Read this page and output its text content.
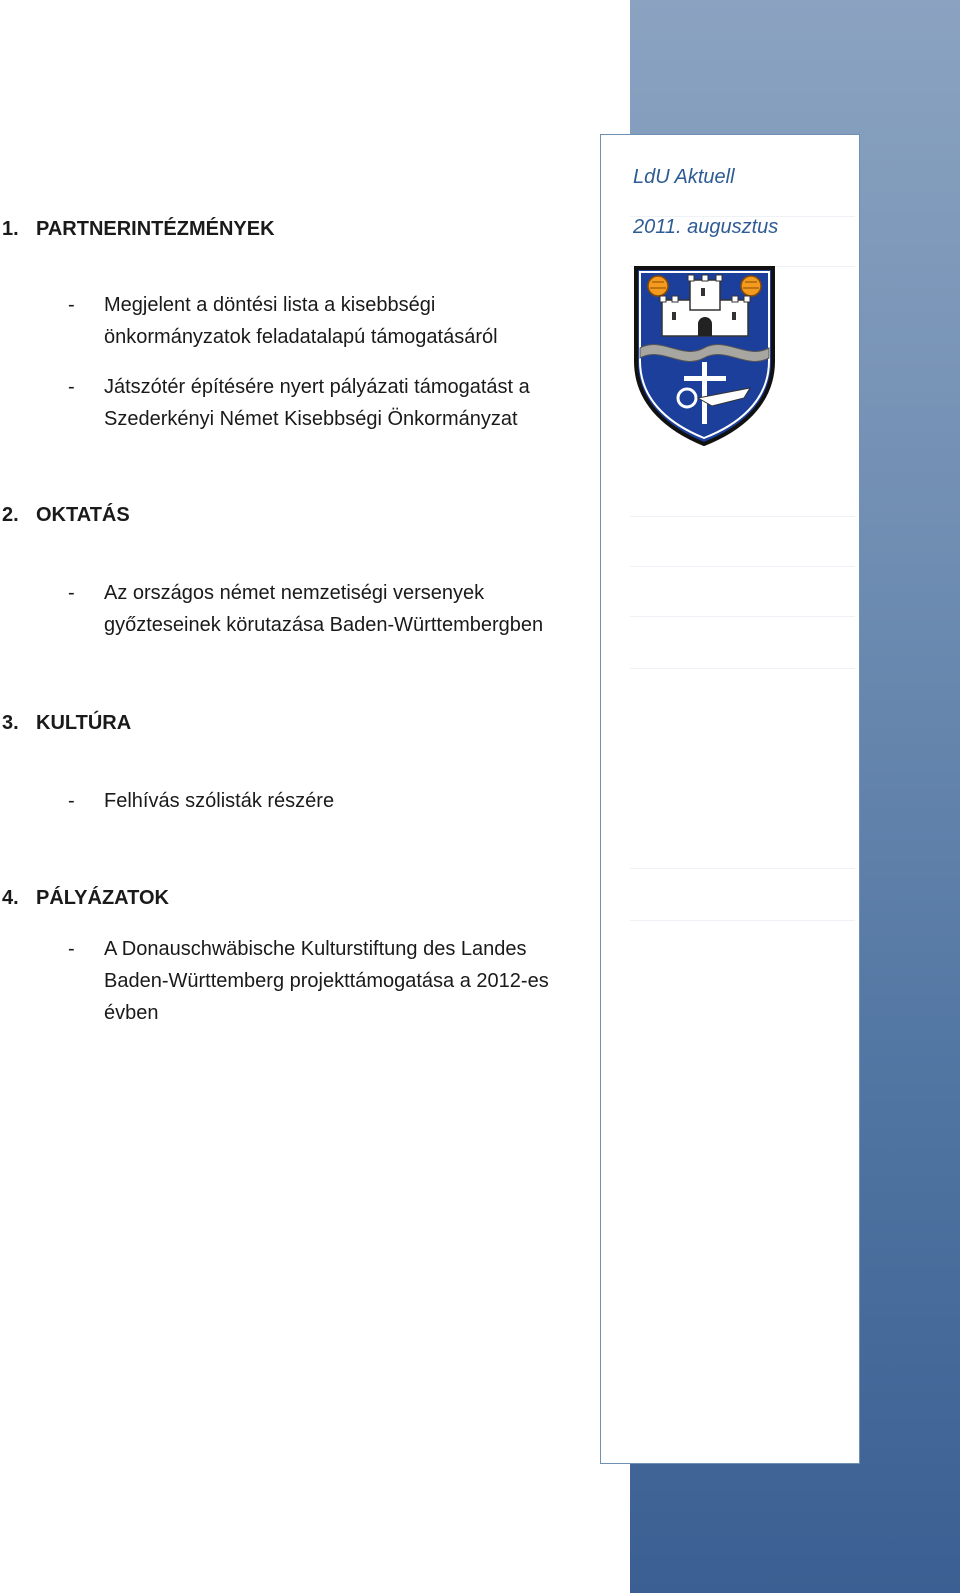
LdU Aktuell
2011. augusztus
1. PARTNERINTÉZMÉNYEK
- Megjelent a döntési lista a kisebbségi önkormányzatok feladatalapú támogatásáról
- Játszótér építésére nyert pályázati támogatást a Szederkényi Német Kisebbségi Önkormányzat
2. OKTATÁS
- Az országos német nemzetiségi versenyek győzteseinek körutazása Baden-Württembergben
3. KULTÚRA
- Felhívás szólisták részére
4. PÁLYÁZATOK
- A Donauschwäbische Kulturstiftung des Landes Baden-Württemberg projekttámogatása a 2012-es évben
